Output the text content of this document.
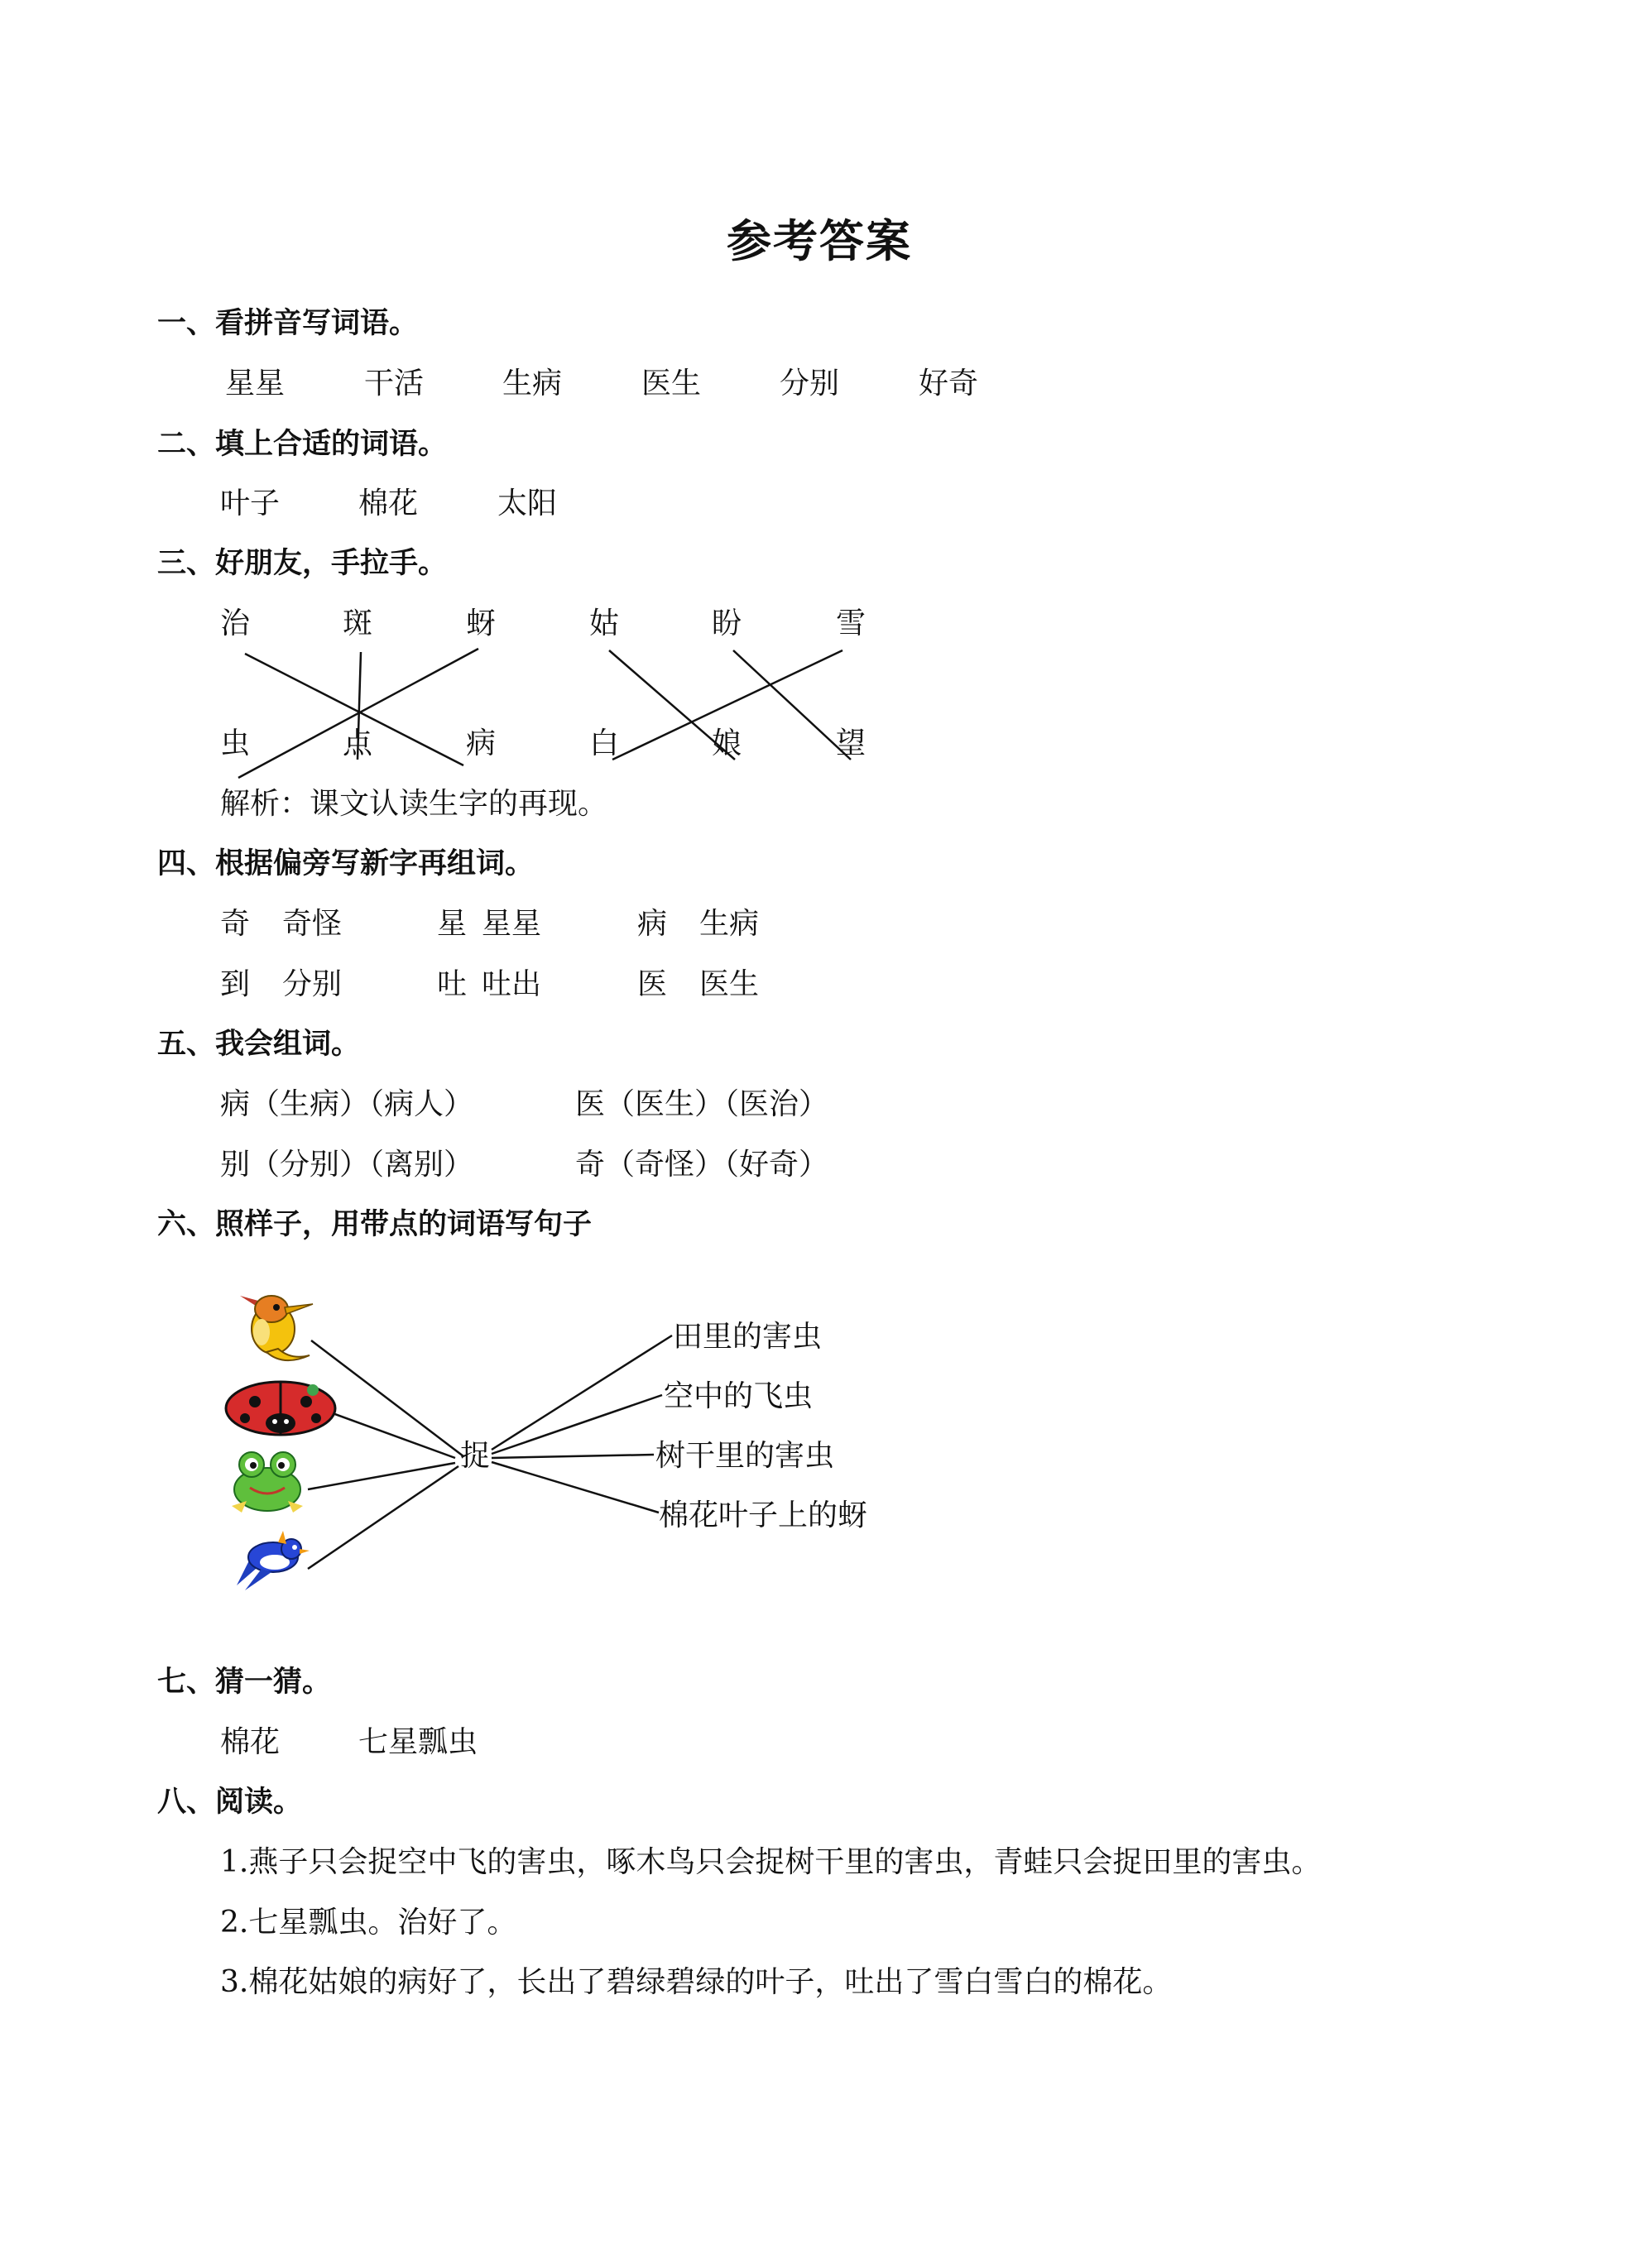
参考答案
一、看拼音写词语。
星星	干活	生病	医生	分别	好奇
二、填上合适的词语。
叶子	棉花	太阳
三、好朋友，手拉手。
治	斑	蚜	姑	盼	雪
虫	点	病	白	娘	望
解析：课文认读生字的再现。
四、根据偏旁写新字再组词。
奇 奇怪	星 星星	病 生病
到 分别	吐 吐出	医 医生
五、我会组词。
病（生病）（病人）	医（医生）（医治）
别（分别）（离别）	奇（奇怪）（好奇）
六、照样子，用带点的词语写句子
捉
田里的害虫
空中的飞虫
树干里的害虫
棉花叶子上的蚜
七、猜一猜。
棉花	七星瓢虫
八、阅读。
1.燕子只会捉空中飞的害虫，啄木鸟只会捉树干里的害虫，青蛙只会捉田里的害虫。
2.七星瓢虫。治好了。
3.棉花姑娘的病好了，长出了碧绿碧绿的叶子，吐出了雪白雪白的棉花。
